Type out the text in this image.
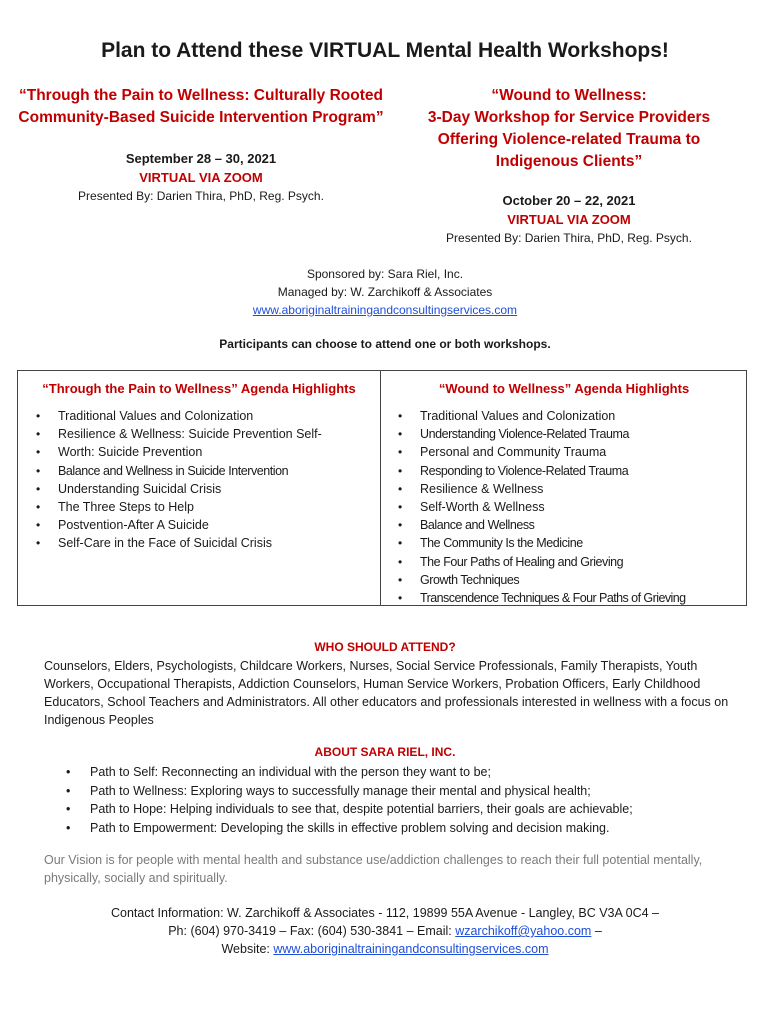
Plan to Attend these VIRTUAL Mental Health Workshops!
“Through the Pain to Wellness: Culturally Rooted
Community-Based Suicide Intervention Program”
September 28 – 30, 2021
VIRTUAL VIA ZOOM
Presented By: Darien Thira, PhD, Reg. Psych.
“Wound to Wellness:
3-Day Workshop for Service Providers
Offering Violence-related Trauma to
Indigenous Clients”
October 20 – 22, 2021
VIRTUAL VIA ZOOM
Presented By: Darien Thira, PhD, Reg. Psych.
Sponsored by: Sara Riel, Inc.
Managed by: W. Zarchikoff & Associates
www.aboriginaltrainingandconsultingservices.com
Participants can choose to attend one or both workshops.
“Through the Pain to Wellness” Agenda Highlights
• Traditional Values and Colonization
• Resilience & Wellness: Suicide Prevention Self-
• Worth: Suicide Prevention
• Balance and Wellness in Suicide Intervention
• Understanding Suicidal Crisis
• The Three Steps to Help
• Postvention-After A Suicide
• Self-Care in the Face of Suicidal Crisis
“Wound to Wellness” Agenda Highlights
• Traditional Values and Colonization
• Understanding Violence-Related Trauma
• Personal and Community Trauma
• Responding to Violence-Related Trauma
• Resilience & Wellness
• Self-Worth & Wellness
• Balance and Wellness
• The Community Is the Medicine
• The Four Paths of Healing and Grieving
• Growth Techniques
• Transcendence Techniques & Four Paths of Grieving
WHO SHOULD ATTEND?
Counselors, Elders, Psychologists, Childcare Workers, Nurses, Social Service Professionals, Family Therapists, Youth Workers, Occupational Therapists, Addiction Counselors, Human Service Workers, Probation Officers, Early Childhood Educators, School Teachers and Administrators. All other educators and professionals interested in wellness with a focus on Indigenous Peoples
ABOUT SARA RIEL, INC.
• Path to Self: Reconnecting an individual with the person they want to be;
• Path to Wellness: Exploring ways to successfully manage their mental and physical health;
• Path to Hope: Helping individuals to see that, despite potential barriers, their goals are achievable;
• Path to Empowerment: Developing the skills in effective problem solving and decision making.
Our Vision is for people with mental health and substance use/addiction challenges to reach their full potential mentally, physically, socially and spiritually.
Contact Information: W. Zarchikoff & Associates - 112, 19899 55A Avenue - Langley, BC V3A 0C4 –
Ph: (604) 970-3419 – Fax: (604) 530-3841 – Email: wzarchikoff@yahoo.com –
Website: www.aboriginaltrainingandconsultingservices.com
